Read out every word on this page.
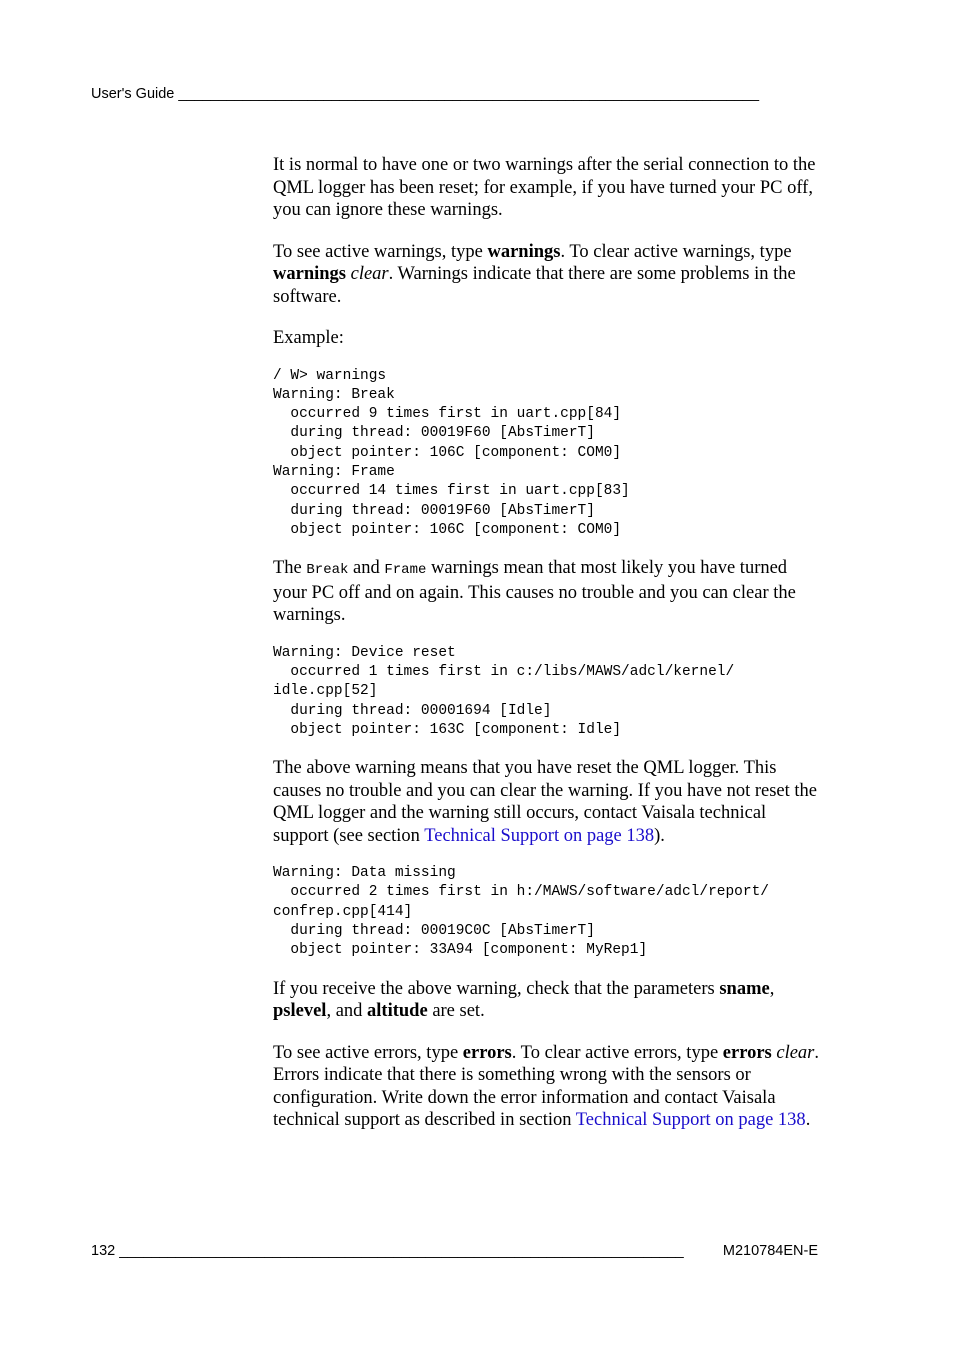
User's Guide ________________________________________________________________________

It is normal to have one or two warnings after the serial connection to the QML logger has been reset; for example, if you have turned your PC off, you can ignore these warnings.

To see active warnings, type warnings. To clear active warnings, type warnings clear. Warnings indicate that there are some problems in the software.

Example:

/ W> warnings
Warning: Break
occurred 9 times first in uart.cpp[84]
during thread: 00019F60 [AbsTimerT]
object pointer: 106C [component: COM0]
Warning: Frame
occurred 14 times first in uart.cpp[83]
during thread: 00019F60 [AbsTimerT]
object pointer: 106C [component: COM0]

The Break and Frame warnings mean that most likely you have turned your PC off and on again. This causes no trouble and you can clear the warnings.

Warning: Device reset
occurred 1 times first in c:/libs/MAWS/adcl/kernel/
idle.cpp[52]
during thread: 00001694 [Idle]
object pointer: 163C [component: Idle]

The above warning means that you have reset the QML logger. This causes no trouble and you can clear the warning. If you have not reset the QML logger and the warning still occurs, contact Vaisala technical support (see section Technical Support on page 138).

Warning: Data missing
occurred 2 times first in h:/MAWS/software/adcl/report/
confrep.cpp[414]
during thread: 00019C0C [AbsTimerT]
object pointer: 33A94 [component: MyRep1]

If you receive the above warning, check that the parameters sname, pslevel, and altitude are set.

To see active errors, type errors. To clear active errors, type errors clear. Errors indicate that there is something wrong with the sensors or configuration. Write down the error information and contact Vaisala technical support as described in section Technical Support on page 138.

132
______________________________________________________________________	M210784EN-E
